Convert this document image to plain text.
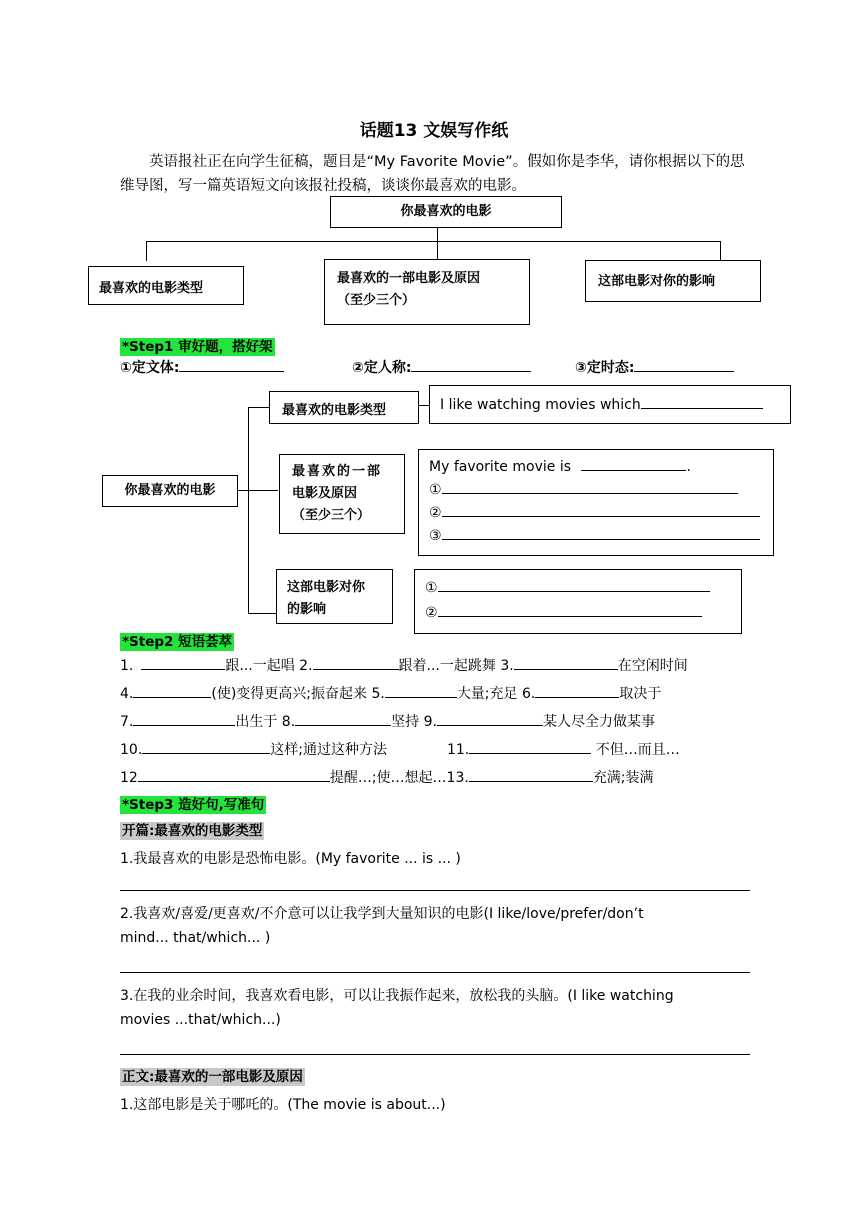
话题13 文娱写作纸
英语报社正在向学生征稿，题目是“My Favorite Movie”。假如你是李华，请你根据以下的思维导图，写一篇英语短文向该报社投稿，谈谈你最喜欢的电影。
你最喜欢的电影
最喜欢的电影类型
最喜欢的一部电影及原因
（至少三个）
这部电影对你的影响
*Step1 审好题，搭好架
①定文体:	②定人称:	③定时态:
你最喜欢的电影
最喜欢的电影类型	I like watching movies which
最喜欢的一部
电影及原因
（至少三个）
My favorite movie is	.
①
②
③
这部电影对你
的影响
①
②
*Step2 短语荟萃
1.	跟...一起唱 2.	跟着...一起跳舞 3.	在空闲时间
4.	(使)变得更高兴;振奋起来 5.	大量;充足 6.	取决于
7.	出生于 8.	坚持 9.	某人尽全力做某事
10.	这样;通过这种方法	11.	不但…而且…
12	提醒…;使…想起…13.	充满;装满
*Step3 造好句,写准句
开篇:最喜欢的电影类型
1.我最喜欢的电影是恐怖电影。(My favorite ... is ... )
2.我喜欢/喜爱/更喜欢/不介意可以让我学到大量知识的电影(I like/love/prefer/don’t
mind... that/which... )
3.在我的业余时间，我喜欢看电影，可以让我振作起来，放松我的头脑。(I like watching
movies ...that/which...)
正文:最喜欢的一部电影及原因
1.这部电影是关于哪吒的。(The movie is about...)
